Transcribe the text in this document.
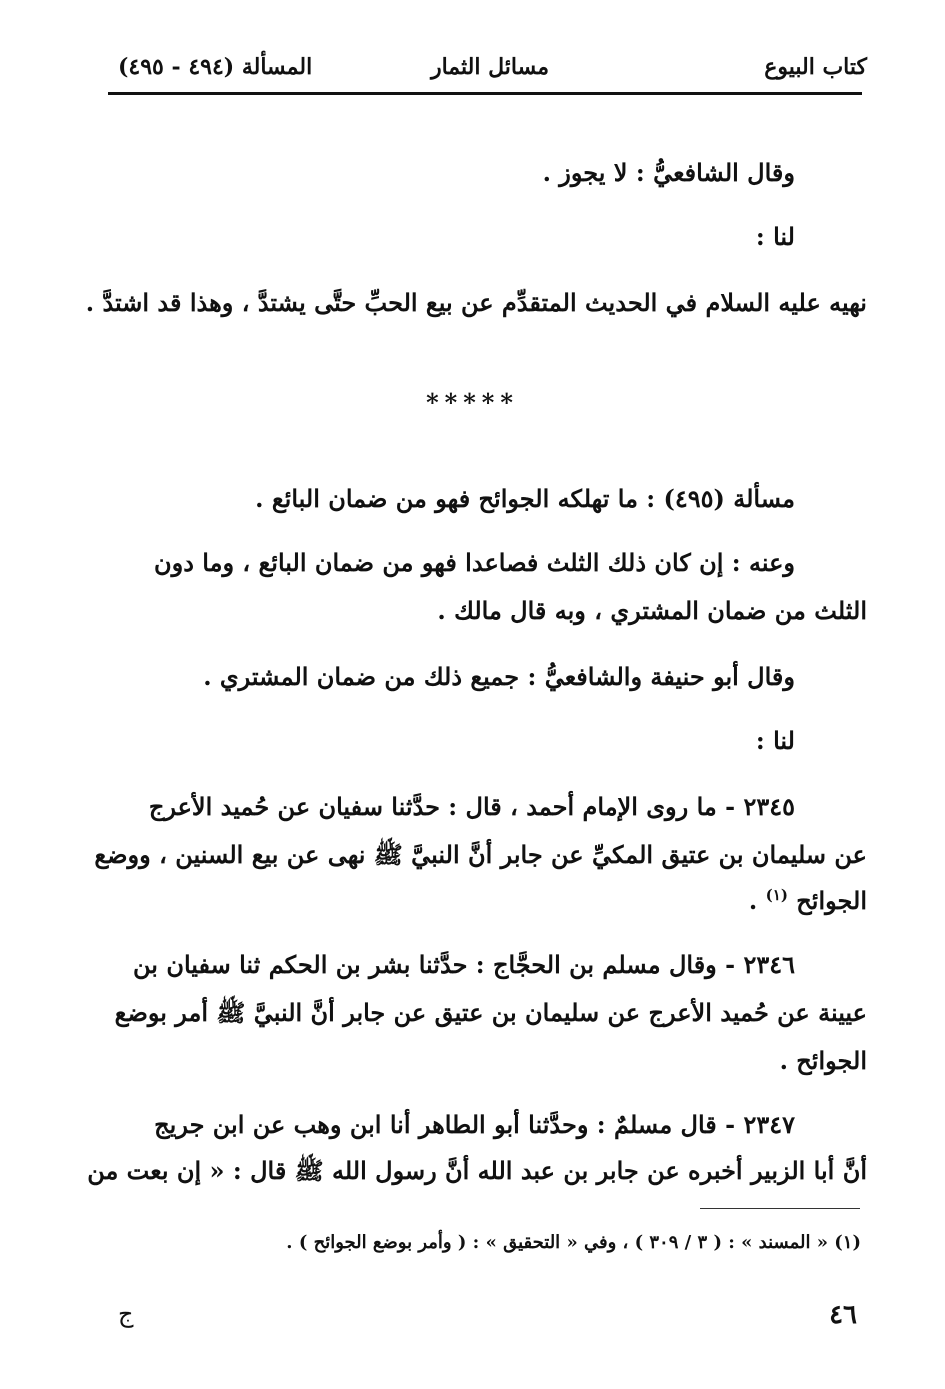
كتاب البيوع
مسائل الثمار
المسألة (٤٩٤ - ٤٩٥)
وقال الشافعيُّ : لا يجوز .
لنا :
نهيه عليه السلام في الحديث المتقدِّم عن بيع الحبِّ حتَّى يشتدَّ ، وهذا قد اشتدَّ .
*****
مسألة (٤٩٥) : ما تهلكه الجوائح فهو من ضمان البائع .
وعنه : إن كان ذلك الثلث فصاعدا فهو من ضمان البائع ، وما دون
الثلث من ضمان المشتري ، وبه قال مالك .
وقال أبو حنيفة والشافعيُّ : جميع ذلك من ضمان المشتري .
لنا :
٢٣٤٥ - ما روى الإمام أحمد ، قال : حدَّثنا سفيان عن حُميد الأعرج
عن سليمان بن عتيق المكيِّ عن جابر أنَّ النبيَّ ﷺ نهى عن بيع السنين ، ووضع
الجوائح $^{(١)}$ .
٢٣٤٦ - وقال مسلم بن الحجَّاج : حدَّثنا بشر بن الحكم ثنا سفيان بن
عيينة عن حُميد الأعرج عن سليمان بن عتيق عن جابر أنَّ النبيَّ ﷺ أمر بوضع
الجوائح .
٢٣٤٧ - قال مسلمٌ : وحدَّثنا أبو الطاهر أنا ابن وهب عن ابن جريج
أنَّ أبا الزبير أخبره عن جابر بن عبد الله أنَّ رسول الله ﷺ قال : « إن بعت من
(١) « المسند » : ( ٣ / ٣٠٩ ) ، وفي « التحقيق » : ( وأمر بوضع الجوائح ) .
٤٦
ج
